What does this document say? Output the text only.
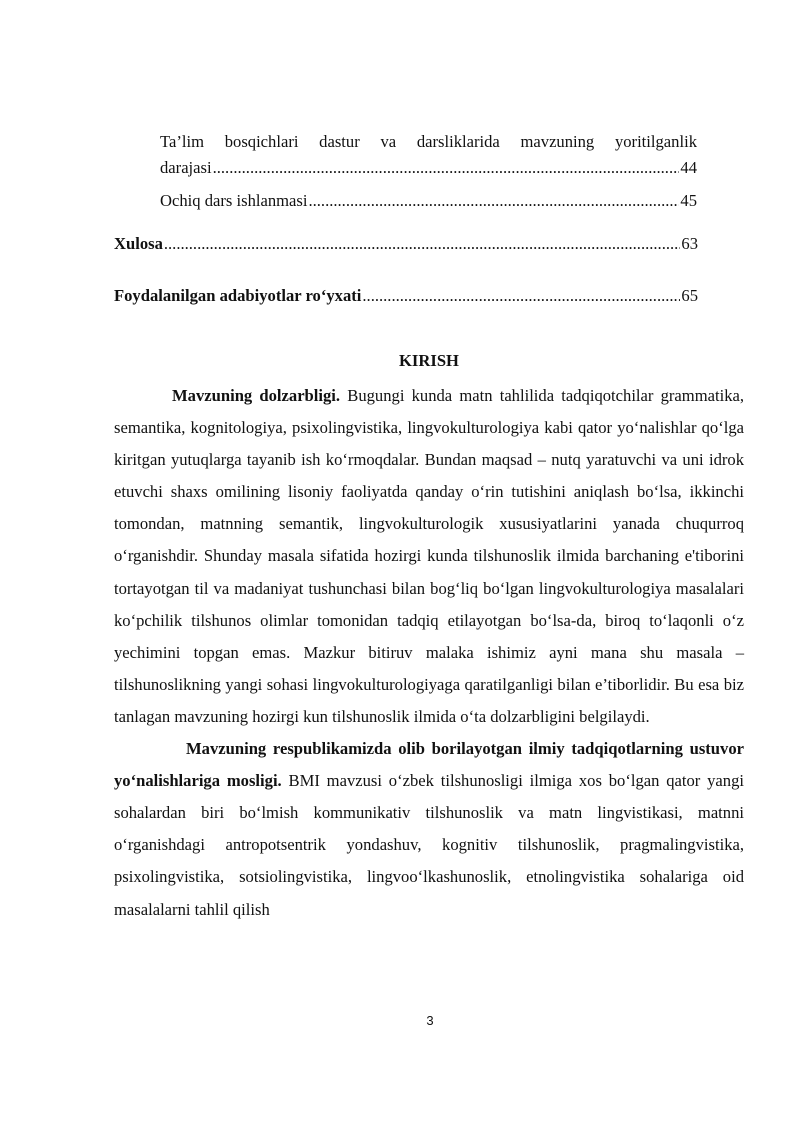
Ta’lim bosqichlari dastur va darsliklarida mavzuning yoritilganlik
darajasi .....	44
Ochiq dars ishlanmasi .....	45
Xulosa .....	63
Foydalanilgan adabiyotlar ro‘yxati .....	65
KIRISH

Mavzuning dolzarbligi. Bugungi kunda matn tahlilida tadqiqotchilar grammatika, semantika, kognitologiya, psixolingvistika, lingvokulturologiya kabi qator yo‘nalishlar qo‘lga kiritgan yutuqlarga tayanib ish ko‘rmoqdalar. Bundan maqsad – nutq yaratuvchi va uni idrok etuvchi shaxs omilining lisoniy faoliyatda qanday o‘rin tutishini aniqlash bo‘lsa, ikkinchi tomondan, matnning semantik, lingvokulturologik xususiyatlarini yanada chuqurroq o‘rganishdir. Shunday masala sifatida hozirgi kunda tilshunoslik ilmida barchaning e'tiborini tortayotgan til va madaniyat tushunchasi bilan bog‘liq bo‘lgan lingvokulturologiya masalalari ko‘pchilik tilshunos olimlar tomonidan tadqiq etilayotgan bo‘lsa-da, biroq to‘laqonli o‘z yechimini topgan emas. Mazkur bitiruv malaka ishimiz ayni mana shu masala – tilshunoslikning yangi sohasi lingvokulturologiyaga qaratilganligi bilan e’tiborlidir. Bu esa biz tanlagan mavzuning hozirgi kun tilshunoslik ilmida o‘ta dolzarbligini belgilaydi.

Mavzuning respublikamizda olib borilayotgan ilmiy tadqiqotlarning ustuvor yo‘nalishlariga mosligi. BMI mavzusi o‘zbek tilshunosligi ilmiga xos bo‘lgan qator yangi sohalardan biri bo‘lmish kommunikativ tilshunoslik va matn lingvistikasi, matnni o‘rganishdagi antropotsentrik yondashuv, kognitiv tilshunoslik, pragmalingvistika, psixolingvistika, sotsiolingvistika, lingvoo‘lkashunoslik, etnolingvistika sohalariga oid masalalarni tahlil qilish

3
